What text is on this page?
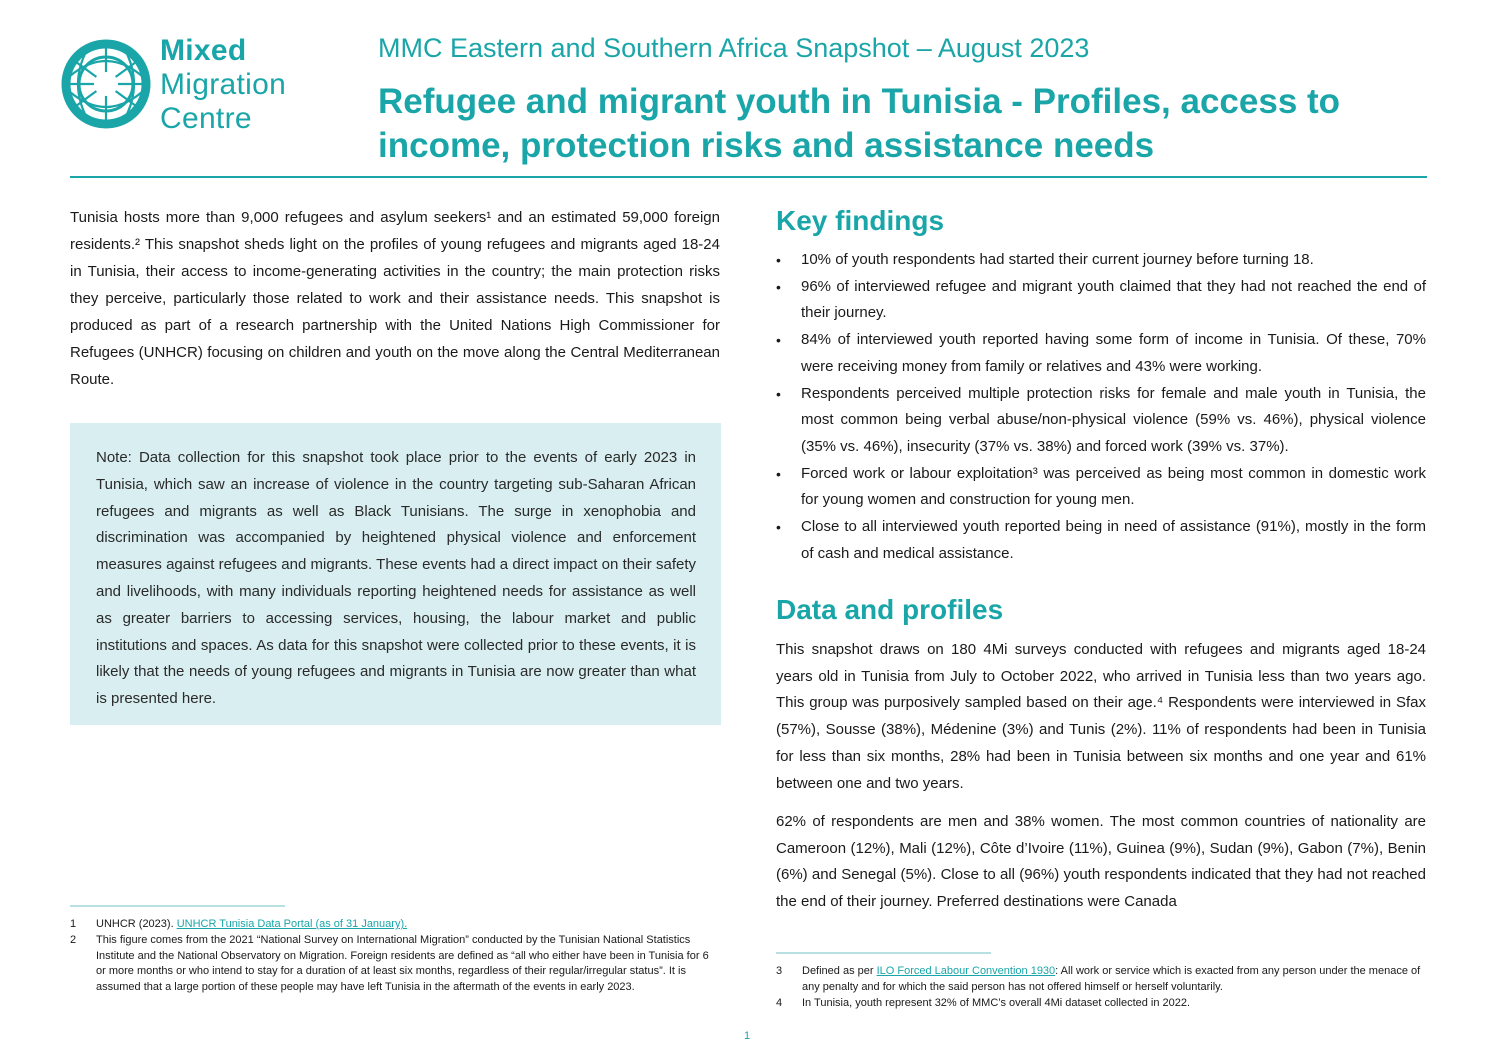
Mixed
Migration
Centre
MMC Eastern and Southern Africa Snapshot – August 2023
Refugee and migrant youth in Tunisia - Profiles, access to income, protection risks and assistance needs
Tunisia hosts more than 9,000 refugees and asylum seekers¹ and an estimated 59,000 foreign residents.² This snapshot sheds light on the profiles of young refugees and migrants aged 18-24 in Tunisia, their access to income-generating activities in the country; the main protection risks they perceive, particularly those related to work and their assistance needs. This snapshot is produced as part of a research partnership with the United Nations High Commissioner for Refugees (UNHCR) focusing on children and youth on the move along the Central Mediterranean Route.

Note: Data collection for this snapshot took place prior to the events of early 2023 in Tunisia, which saw an increase of violence in the country targeting sub-Saharan African refugees and migrants as well as Black Tunisians. The surge in xenophobia and discrimination was accompanied by heightened physical violence and enforcement measures against refugees and migrants. These events had a direct impact on their safety and livelihoods, with many individuals reporting heightened needs for assistance as well as greater barriers to accessing services, housing, the labour market and public institutions and spaces. As data for this snapshot were collected prior to these events, it is likely that the needs of young refugees and migrants in Tunisia are now greater than what is presented here.

1 UNHCR (2023). UNHCR Tunisia Data Portal (as of 31 January).
2 This figure comes from the 2021 “National Survey on International Migration” conducted by the Tunisian National Statistics Institute and the National Observatory on Migration. Foreign residents are defined as “all who either have been in Tunisia for 6 or more months or who intend to stay for a duration of at least six months, regardless of their regular/irregular status”. It is assumed that a large portion of these people may have left Tunisia in the aftermath of the events in early 2023.
Key findings
• 10% of youth respondents had started their current journey before turning 18.
• 96% of interviewed refugee and migrant youth claimed that they had not reached the end of their journey.
• 84% of interviewed youth reported having some form of income in Tunisia. Of these, 70% were receiving money from family or relatives and 43% were working.
• Respondents perceived multiple protection risks for female and male youth in Tunisia, the most common being verbal abuse/non-physical violence (59% vs. 46%), physical violence (35% vs. 46%), insecurity (37% vs. 38%) and forced work (39% vs. 37%).
• Forced work or labour exploitation³ was perceived as being most common in domestic work for young women and construction for young men.
• Close to all interviewed youth reported being in need of assistance (91%), mostly in the form of cash and medical assistance.
Data and profiles

This snapshot draws on 180 4Mi surveys conducted with refugees and migrants aged 18-24 years old in Tunisia from July to October 2022, who arrived in Tunisia less than two years ago. This group was purposively sampled based on their age.⁴ Respondents were interviewed in Sfax (57%), Sousse (38%), Médenine (3%) and Tunis (2%). 11% of respondents had been in Tunisia for less than six months, 28% had been in Tunisia between six months and one year and 61% between one and two years.

62% of respondents are men and 38% women. The most common countries of nationality are Cameroon (12%), Mali (12%), Côte d’Ivoire (11%), Guinea (9%), Sudan (9%), Gabon (7%), Benin (6%) and Senegal (5%). Close to all (96%) youth respondents indicated that they had not reached the end of their journey. Preferred destinations were Canada

3 Defined as per ILO Forced Labour Convention 1930: All work or service which is exacted from any person under the menace of any penalty and for which the said person has not offered himself or herself voluntarily.
4 In Tunisia, youth represent 32% of MMC’s overall 4Mi dataset collected in 2022.
1
